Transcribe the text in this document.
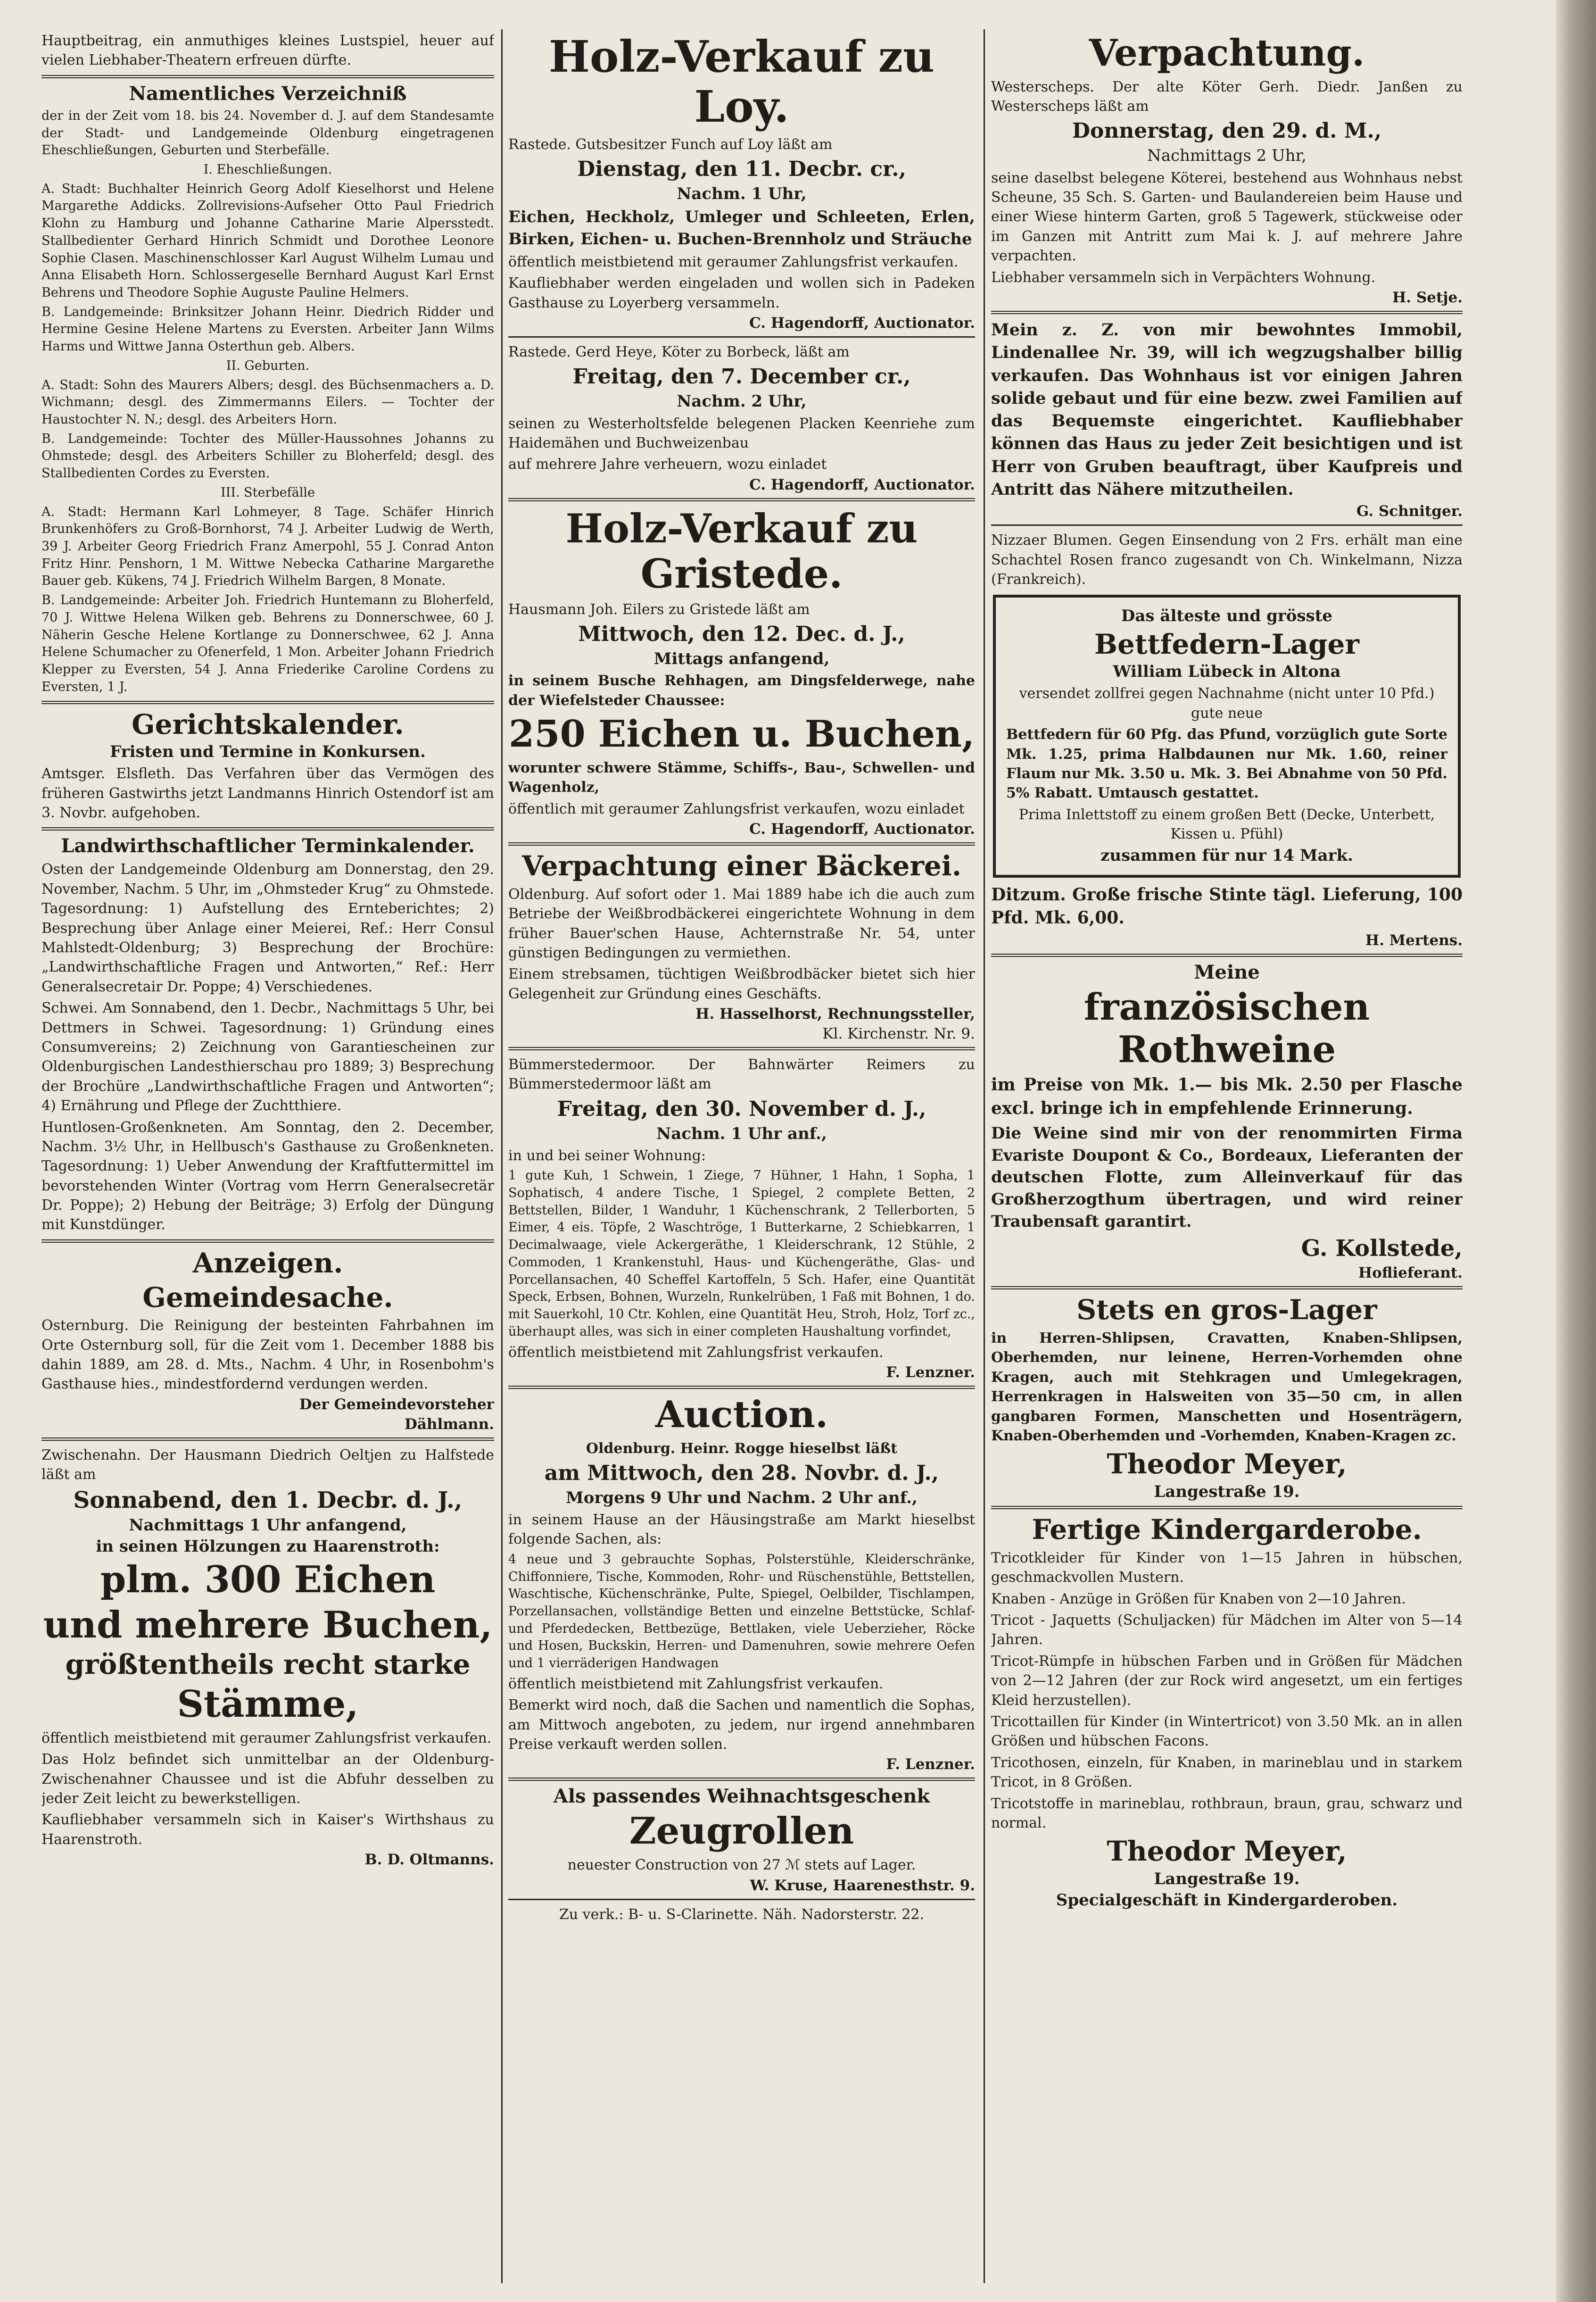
Hauptbeitrag, ein anmuthiges kleines Lustspiel, heuer auf vielen Liebhaber-Theatern erfreuen dürfte.

Namentliches Verzeichniß

der in der Zeit vom 18. bis 24. November d. J. auf dem Standesamte der Stadt- und Landgemeinde Oldenburg eingetragenen Eheschließungen, Geburten und Sterbefälle.

I. Eheschließungen.

A. Stadt: Buchhalter Heinrich Georg Adolf Kieselhorst und Helene Margarethe Addicks. Zollrevisions-Aufseher Otto Paul Friedrich Klohn zu Hamburg und Johanne Catharine Marie Alpersstedt. Stallbedienter Gerhard Hinrich Schmidt und Dorothee Leonore Sophie Clasen. Maschinenschlosser Karl August Wilhelm Lumau und Anna Elisabeth Horn. Schlossergeselle Bernhard August Karl Ernst Behrens und Theodore Sophie Auguste Pauline Helmers.

B. Landgemeinde: Brinksitzer Johann Heinr. Diedrich Ridder und Hermine Gesine Helene Martens zu Eversten. Arbeiter Jann Wilms Harms und Wittwe Janna Osterthun geb. Albers.

II. Geburten.

A. Stadt: Sohn des Maurers Albers; desgl. des Büchsenmachers a. D. Wichmann; desgl. des Zimmermanns Eilers. — Tochter der Haustochter N. N.; desgl. des Arbeiters Horn.

B. Landgemeinde: Tochter des Müller-Haussohnes Johanns zu Ohmstede; desgl. des Arbeiters Schiller zu Bloherfeld; desgl. des Stallbedienten Cordes zu Eversten.

III. Sterbefälle

A. Stadt: Hermann Karl Lohmeyer, 8 Tage. Schäfer Hinrich Brunkenhöfers zu Groß-Bornhorst, 74 J. Arbeiter Ludwig de Werth, 39 J. Arbeiter Georg Friedrich Franz Amerpohl, 55 J. Conrad Anton Fritz Hinr. Penshorn, 1 M. Wittwe Nebecka Catharine Margarethe Bauer geb. Kükens, 74 J. Friedrich Wilhelm Bargen, 8 Monate.

B. Landgemeinde: Arbeiter Joh. Friedrich Huntemann zu Bloherfeld, 70 J. Wittwe Helena Wilken geb. Behrens zu Donnerschwee, 60 J. Näherin Gesche Helene Kortlange zu Donnerschwee, 62 J. Anna Helene Schumacher zu Ofenerfeld, 1 Mon. Arbeiter Johann Friedrich Klepper zu Eversten, 54 J. Anna Friederike Caroline Cordens zu Eversten, 1 J.

Gerichtskalender.
Fristen und Termine in Konkursen.

Amtsger. Elsfleth. Das Verfahren über das Vermögen des früheren Gastwirths jetzt Landmanns Hinrich Ostendorf ist am 3. Novbr. aufgehoben.

Landwirthschaftlicher Terminkalender.

Osten der Landgemeinde Oldenburg am Donnerstag, den 29. November, Nachm. 5 Uhr, im „Ohmsteder Krug“ zu Ohmstede. Tagesordnung: 1) Aufstellung des Ernteberichtes; 2) Besprechung über Anlage einer Meierei, Ref.: Herr Consul Mahlstedt-Oldenburg; 3) Besprechung der Brochüre: „Landwirthschaftliche Fragen und Antworten,“ Ref.: Herr Generalsecretair Dr. Poppe; 4) Verschiedenes.

Schwei. Am Sonnabend, den 1. Decbr., Nachmittags 5 Uhr, bei Dettmers in Schwei. Tagesordnung: 1) Gründung eines Consumvereins; 2) Zeichnung von Garantiescheinen zur Oldenburgischen Landesthierschau pro 1889; 3) Besprechung der Brochüre „Landwirthschaftliche Fragen und Antworten“; 4) Ernährung und Pflege der Zuchtthiere.

Huntlosen-Großenkneten. Am Sonntag, den 2. December, Nachm. 3½ Uhr, in Hellbusch's Gasthause zu Großenkneten. Tagesordnung: 1) Ueber Anwendung der Kraftfuttermittel im bevorstehenden Winter (Vortrag vom Herrn Generalsecretär Dr. Poppe); 2) Hebung der Beiträge; 3) Erfolg der Düngung mit Kunstdünger.

Anzeigen.
Gemeindesache.

Osternburg. Die Reinigung der besteinten Fahrbahnen im Orte Osternburg soll, für die Zeit vom 1. December 1888 bis dahin 1889, am 28. d. Mts., Nachm. 4 Uhr, in Rosenbohm's Gasthause hies., mindestfordernd verdungen werden.

Der Gemeindevorsteher
Dählmann.

Zwischenahn. Der Hausmann Diedrich Oeltjen zu Halfstede läßt am

Sonnabend, den 1. Decbr. d. J.,
Nachmittags 1 Uhr anfangend,
in seinen Hölzungen zu Haarenstroth:
plm. 300 Eichen
und mehrere Buchen,
größtentheils recht starke
Stämme,

öffentlich meistbietend mit geraumer Zahlungsfrist verkaufen.

Das Holz befindet sich unmittelbar an der Oldenburg-Zwischenahner Chaussee und ist die Abfuhr desselben zu jeder Zeit leicht zu bewerkstelligen.

Kaufliebhaber versammeln sich in Kaiser's Wirthshaus zu Haarenstroth.

B. D. Oltmanns.
Holz-Verkauf zu Loy.

Rastede. Gutsbesitzer Funch auf Loy läßt am

Dienstag, den 11. Decbr. cr.,
Nachm. 1 Uhr,

Eichen, Heckholz, Umleger und Schleeten, Erlen, Birken, Eichen- u. Buchen-Brennholz und Sträuche

öffentlich meistbietend mit geraumer Zahlungsfrist verkaufen.

Kaufliebhaber werden eingeladen und wollen sich in Padeken Gasthause zu Loyerberg versammeln.

C. Hagendorff, Auctionator.

Rastede. Gerd Heye, Köter zu Borbeck, läßt am

Freitag, den 7. December cr.,
Nachm. 2 Uhr,

seinen zu Westerholtsfelde belegenen Placken Keenriehe zum Haidemähen und Buchweizenbau

auf mehrere Jahre verheuern, wozu einladet

C. Hagendorff, Auctionator.
Holz-Verkauf zu Gristede.

Hausmann Joh. Eilers zu Gristede läßt am

Mittwoch, den 12. Dec. d. J.,
Mittags anfangend,

in seinem Busche Rehhagen, am Dingsfelderwege, nahe der Wiefelsteder Chaussee:

250 Eichen u. Buchen,

worunter schwere Stämme, Schiffs-, Bau-, Schwellen- und Wagenholz,

öffentlich mit geraumer Zahlungsfrist verkaufen, wozu einladet

C. Hagendorff, Auctionator.
Verpachtung einer Bäckerei.

Oldenburg. Auf sofort oder 1. Mai 1889 habe ich die auch zum Betriebe der Weißbrodbäckerei eingerichtete Wohnung in dem früher Bauer'schen Hause, Achternstraße Nr. 54, unter günstigen Bedingungen zu vermiethen.

Einem strebsamen, tüchtigen Weißbrodbäcker bietet sich hier Gelegenheit zur Gründung eines Geschäfts.

H. Hasselhorst, Rechnungssteller,
Kl. Kirchenstr. Nr. 9.

Bümmerstedermoor. Der Bahnwärter Reimers zu Bümmerstedermoor läßt am

Freitag, den 30. November d. J.,
Nachm. 1 Uhr anf.,

in und bei seiner Wohnung:

1 gute Kuh, 1 Schwein, 1 Ziege, 7 Hühner, 1 Hahn, 1 Sopha, 1 Sophatisch, 4 andere Tische, 1 Spiegel, 2 complete Betten, 2 Bettstellen, Bilder, 1 Wanduhr, 1 Küchenschrank, 2 Tellerborten, 5 Eimer, 4 eis. Töpfe, 2 Waschtröge, 1 Butterkarne, 2 Schiebkarren, 1 Decimalwaage, viele Ackergeräthe, 1 Kleiderschrank, 12 Stühle, 2 Commoden, 1 Krankenstuhl, Haus- und Küchengeräthe, Glas- und Porcellansachen, 40 Scheffel Kartoffeln, 5 Sch. Hafer, eine Quantität Speck, Erbsen, Bohnen, Wurzeln, Runkelrüben, 1 Faß mit Bohnen, 1 do. mit Sauerkohl, 10 Ctr. Kohlen, eine Quantität Heu, Stroh, Holz, Torf zc., überhaupt alles, was sich in einer completen Haushaltung vorfindet,

öffentlich meistbietend mit Zahlungsfrist verkaufen.

F. Lenzner.
Auction.

Oldenburg. Heinr. Rogge hieselbst läßt

am Mittwoch, den 28. Novbr. d. J.,
Morgens 9 Uhr und Nachm. 2 Uhr anf.,

in seinem Hause an der Häusingstraße am Markt hieselbst folgende Sachen, als:

4 neue und 3 gebrauchte Sophas, Polsterstühle, Kleiderschränke, Chiffonniere, Tische, Kommoden, Rohr- und Rüschenstühle, Bettstellen, Waschtische, Küchenschränke, Pulte, Spiegel, Oelbilder, Tischlampen, Porzellansachen, vollständige Betten und einzelne Bettstücke, Schlaf- und Pferdedecken, Bettbezüge, Bettlaken, viele Ueberzieher, Röcke und Hosen, Buckskin, Herren- und Damenuhren, sowie mehrere Oefen und 1 vierräderigen Handwagen

öffentlich meistbietend mit Zahlungsfrist verkaufen.

Bemerkt wird noch, daß die Sachen und namentlich die Sophas, am Mittwoch angeboten, zu jedem, nur irgend annehmbaren Preise verkauft werden sollen.

F. Lenzner.
Als passendes Weihnachtsgeschenk
Zeugrollen

neuester Construction von 27 ℳ stets auf Lager.

W. Kruse, Haarenesthstr. 9.

Zu verk.: B- u. S-Clarinette. Näh. Nadorsterstr. 22.

Verpachtung.

Westerscheps. Der alte Köter Gerh. Diedr. Janßen zu Westerscheps läßt am

Donnerstag, den 29. d. M.,
Nachmittags 2 Uhr,

seine daselbst belegene Köterei, bestehend aus Wohnhaus nebst Scheune, 35 Sch. S. Garten- und Baulandereien beim Hause und einer Wiese hinterm Garten, groß 5 Tagewerk, stückweise oder im Ganzen mit Antritt zum Mai k. J. auf mehrere Jahre verpachten.

Liebhaber versammeln sich in Verpächters Wohnung.

H. Setje.

Mein z. Z. von mir bewohntes Immobil, Lindenallee Nr. 39, will ich wegzugshalber billig verkaufen. Das Wohnhaus ist vor einigen Jahren solide gebaut und für eine bezw. zwei Familien auf das Bequemste eingerichtet. Kaufliebhaber können das Haus zu jeder Zeit besichtigen und ist Herr von Gruben beauftragt, über Kaufpreis und Antritt das Nähere mitzutheilen.

G. Schnitger.

Nizzaer Blumen. Gegen Einsendung von 2 Frs. erhält man eine Schachtel Rosen franco zugesandt von Ch. Winkelmann, Nizza (Frankreich).

Das älteste und grösste
Bettfedern-Lager
William Lübeck in Altona

versendet zollfrei gegen Nachnahme (nicht unter 10 Pfd.) gute neue

Bettfedern für 60 Pfg. das Pfund, vorzüglich gute Sorte Mk. 1.25, prima Halbdaunen nur Mk. 1.60, reiner Flaum nur Mk. 3.50 u. Mk. 3. Bei Abnahme von 50 Pfd. 5% Rabatt. Umtausch gestattet.

Prima Inlettstoff zu einem großen Bett (Decke, Unterbett, Kissen u. Pfühl)

zusammen für nur 14 Mark.

Ditzum. Große frische Stinte tägl. Lieferung, 100 Pfd. Mk. 6,00.

H. Mertens.
Meine
französischen Rothweine

im Preise von Mk. 1.— bis Mk. 2.50 per Flasche excl. bringe ich in empfehlende Erinnerung.

Die Weine sind mir von der renommirten Firma Evariste Doupont & Co., Bordeaux, Lieferanten der deutschen Flotte, zum Alleinverkauf für das Großherzogthum übertragen, und wird reiner Traubensaft garantirt.

G. Kollstede,
Hoflieferant.
Stets en gros-Lager

in Herren-Shlipsen, Cravatten, Knaben-Shlipsen, Oberhemden, nur leinene, Herren-Vorhemden ohne Kragen, auch mit Stehkragen und Umlegekragen, Herrenkragen in Halsweiten von 35—50 cm, in allen gangbaren Formen, Manschetten und Hosenträgern, Knaben-Oberhemden und -Vorhemden, Knaben-Kragen zc.

Theodor Meyer,
Langestraße 19.
Fertige Kindergarderobe.

Tricotkleider für Kinder von 1—15 Jahren in hübschen, geschmackvollen Mustern.

Knaben - Anzüge in Größen für Knaben von 2—10 Jahren.

Tricot - Jaquetts (Schuljacken) für Mädchen im Alter von 5—14 Jahren.

Tricot-Rümpfe in hübschen Farben und in Größen für Mädchen von 2—12 Jahren (der zur Rock wird angesetzt, um ein fertiges Kleid herzustellen).

Tricottaillen für Kinder (in Wintertricot) von 3.50 Mk. an in allen Größen und hübschen Facons.

Tricothosen, einzeln, für Knaben, in marineblau und in starkem Tricot, in 8 Größen.

Tricotstoffe in marineblau, rothbraun, braun, grau, schwarz und normal.

Theodor Meyer,
Langestraße 19.
Specialgeschäft in Kindergarderoben.
